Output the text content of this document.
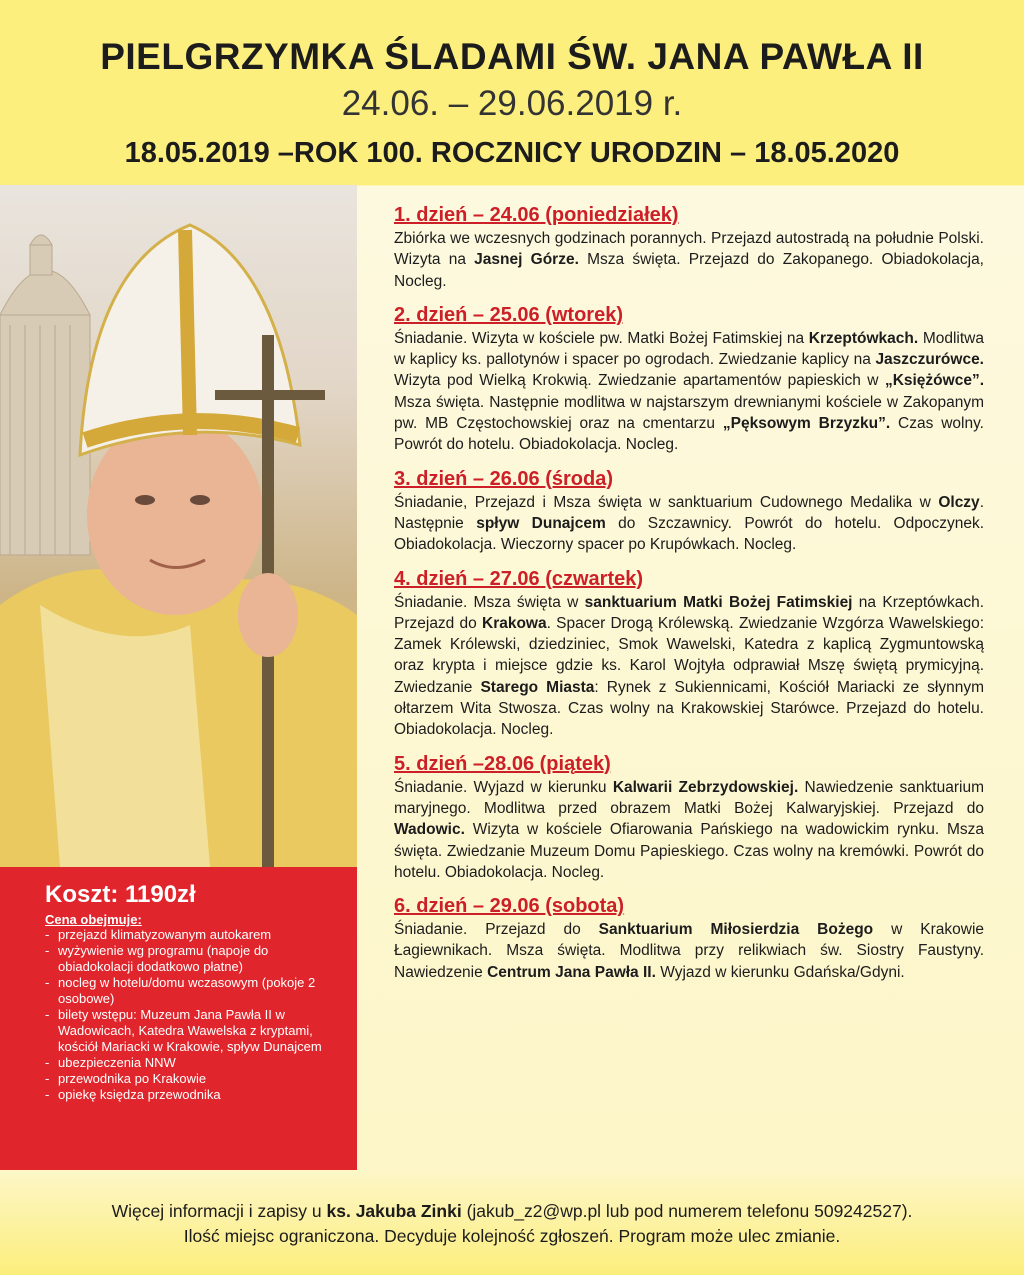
PIELGRZYMKA ŚLADAMI ŚW. JANA PAWŁA II
24.06. – 29.06.2019 r.
18.05.2019 –ROK 100. ROCZNICY URODZIN – 18.05.2020
Koszt: 1190zł
Cena obejmuje:
- przejazd klimatyzowanym autokarem
- wyżywienie wg programu (napoje do obiadokolacji dodatkowo płatne)
- nocleg w hotelu/domu wczasowym (pokoje 2 osobowe)
- bilety wstępu: Muzeum Jana Pawła II w Wadowicach, Katedra Wawelska z kryptami, kościół Mariacki w Krakowie, spływ Dunajcem
- ubezpieczenia NNW
- przewodnika po Krakowie
- opiekę księdza przewodnika
1. dzień – 24.06 (poniedziałek)

Zbiórka we wczesnych godzinach porannych. Przejazd autostradą na południe Polski. Wizyta na Jasnej Górze. Msza święta. Przejazd do Zakopanego. Obiadokolacja, Nocleg.

2. dzień – 25.06 (wtorek)

Śniadanie. Wizyta w kościele pw. Matki Bożej Fatimskiej na Krzeptówkach. Modlitwa w kaplicy ks. pallotynów i spacer po ogrodach. Zwiedzanie kaplicy na Jaszczurówce. Wizyta pod Wielką Krokwią. Zwiedzanie apartamentów papieskich w „Księżówce”. Msza święta. Następnie modlitwa w najstarszym drewnianymi kościele w Zakopanym pw. MB Częstochowskiej oraz na cmentarzu „Pęksowym Brzyzku”. Czas wolny. Powrót do hotelu. Obiadokolacja. Nocleg.

3. dzień – 26.06 (środa)

Śniadanie, Przejazd i Msza święta w sanktuarium Cudownego Medalika w Olczy. Następnie spływ Dunajcem do Szczawnicy. Powrót do hotelu. Odpoczynek. Obiadokolacja. Wieczorny spacer po Krupówkach. Nocleg.

4. dzień – 27.06 (czwartek)

Śniadanie. Msza święta w sanktuarium Matki Bożej Fatimskiej na Krzeptówkach. Przejazd do Krakowa. Spacer Drogą Królewską. Zwiedzanie Wzgórza Wawelskiego: Zamek Królewski, dziedziniec, Smok Wawelski, Katedra z kaplicą Zygmuntowską oraz krypta i miejsce gdzie ks. Karol Wojtyła odprawiał Mszę świętą prymicyjną. Zwiedzanie Starego Miasta: Rynek z Sukiennicami, Kościół Mariacki ze słynnym ołtarzem Wita Stwosza. Czas wolny na Krakowskiej Starówce. Przejazd do hotelu. Obiadokolacja. Nocleg.

5. dzień –28.06 (piątek)

Śniadanie. Wyjazd w kierunku Kalwarii Zebrzydowskiej. Nawiedzenie sanktuarium maryjnego. Modlitwa przed obrazem Matki Bożej Kalwaryjskiej. Przejazd do Wadowic. Wizyta w kościele Ofiarowania Pańskiego na wadowickim rynku. Msza święta. Zwiedzanie Muzeum Domu Papieskiego. Czas wolny na kremówki. Powrót do hotelu. Obiadokolacja. Nocleg.

6. dzień – 29.06 (sobota)

Śniadanie. Przejazd do Sanktuarium Miłosierdzia Bożego w Krakowie Łagiewnikach. Msza święta. Modlitwa przy relikwiach św. Siostry Faustyny. Nawiedzenie Centrum Jana Pawła II. Wyjazd w kierunku Gdańska/Gdyni.

Więcej informacji i zapisy u ks. Jakuba Zinki (jakub_z2@wp.pl lub pod numerem telefonu 509242527).
Ilość miejsc ograniczona. Decyduje kolejność zgłoszeń. Program może ulec zmianie.
